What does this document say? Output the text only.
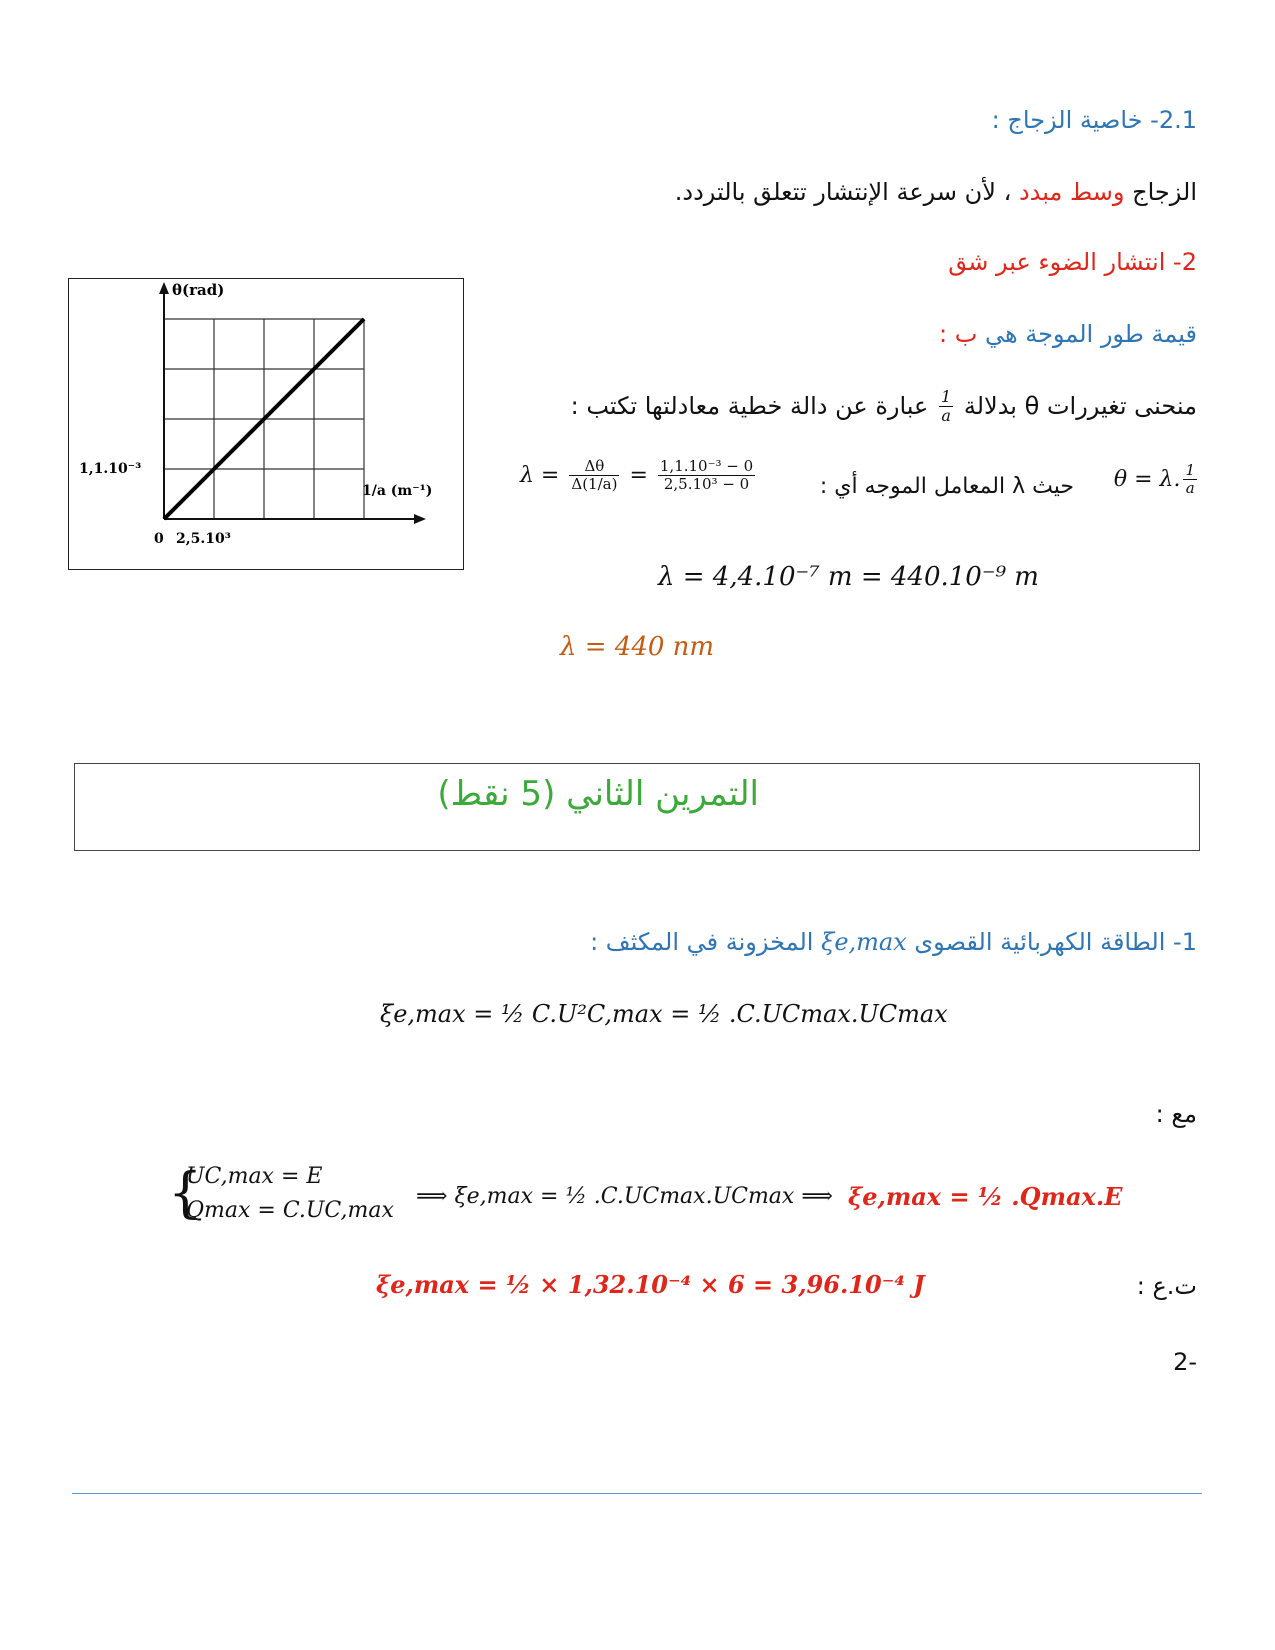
2.1- خاصية الزجاج :
الزجاج وسط مبدد ، لأن سرعة الإنتشار تتعلق بالتردد.
2- انتشار الضوء عبر شق
قيمة طور الموجة هي ب :
منحنى تغيررات θ بدلالة
$\frac{1}{a}$
عبارة عن دالة خطية معادلتها تكتب :
θ = λ. $\frac{1}{a}$
حيث λ المعامل الموجه أي :
$\lambda = \frac{\Delta\theta}{\Delta(1/a)} = \frac{\text{1,1.10⁻³ − 0}}{\text{2,5.10³ − 0}}$
λ = 4,4.10⁻⁷ m = 440.10⁻⁹ m
λ = 440 nm
θ(rad)
1,1.10⁻³
0 2,5.10³
1/a (m⁻¹)
التمرين الثاني (5 نقط)
1- الطاقة الكهربائية القصوى ξe,max المخزونة في المكثف :
ξe,max = ½ C.U²C,max = ½ .C.UCmax.UCmax
مع :
{
UC,max = E
Qmax = C.UC,max
⟹ ξe,max = ½ .C.UCmax.UCmax ⟹ ξe,max = ½ .Qmax.E
ت.ع :
ξe,max = ½ × 1,32.10⁻⁴ × 6 = 3,96.10⁻⁴ J
2-
